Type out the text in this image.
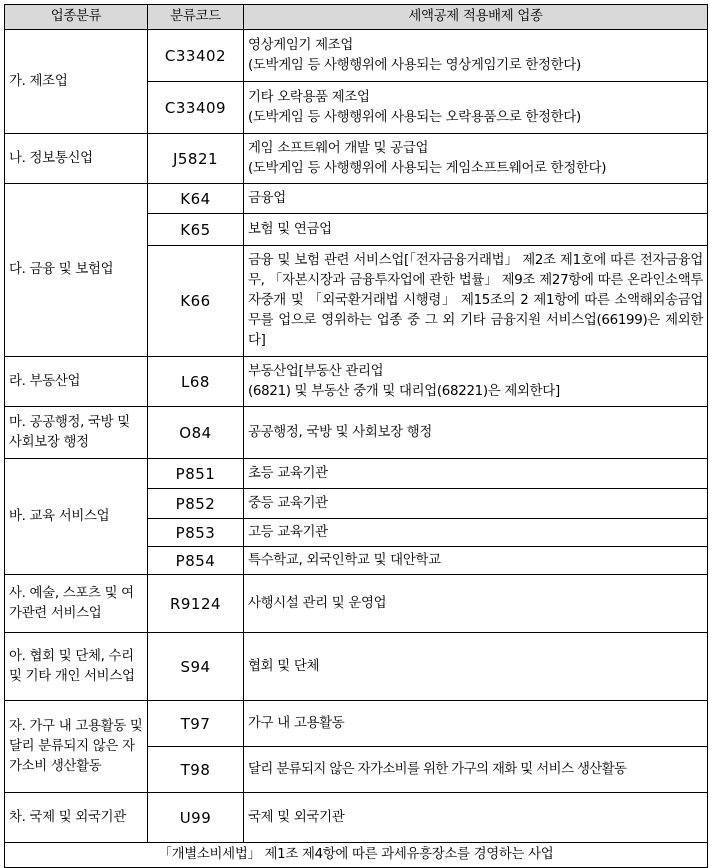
업종분류	분류코드	세액공제 적용배제 업종
가. 제조업	C33402	영상게임기 제조업
(도박게임 등 사행행위에 사용되는 영상게임기로 한정한다)

	C33409	기타 오락용품 제조업
(도박게임 등 사행행위에 사용되는 오락용품으로 한정한다)

나. 정보통신업	J5821	게임 소프트웨어 개발 및 공급업
(도박게임 등 사행행위에 사용되는 게임소프트웨어로 한정한다)

다. 금융 및 보험업	K64	금융업
	K65	보험 및 연금업
	K66	금융 및 보험 관련 서비스업[「전자금융거래법」 제2조 제1호에 따른 전자금융업무, 「자본시장과 금융투자업에 관한 법률」 제9조 제27항에 따른 온라인소액투자중개 및 「외국환거래법 시행령」 제15조의 2 제1항에 따른 소액해외송금업무를 업으로 영위하는 업종 중 그 외 기타 금융지원 서비스업(66199)은 제외한다]
라. 부동산업	L68	부동산업[부동산 관리업
(6821) 및 부동산 중개 및 대리업(68221)은 제외한다]

마. 공공행정, 국방 및 사회보장 행정	O84	공공행정, 국방 및 사회보장 행정
바. 교육 서비스업	P851	초등 교육기관
	P852	중등 교육기관
	P853	고등 교육기관
	P854	특수학교, 외국인학교 및 대안학교
사. 예술, 스포츠 및 여가관련 서비스업	R9124	사행시설 관리 및 운영업
아. 협회 및 단체, 수리 및 기타 개인 서비스업	S94	협회 및 단체
자. 가구 내 고용활동 및 달리 분류되지 않은 자가소비 생산활동	T97	가구 내 고용활동
	T98	달리 분류되지 않은 자가소비를 위한 가구의 재화 및 서비스 생산활동
차. 국제 및 외국기관	U99	국제 및 외국기관
「개별소비세법」 제1조 제4항에 따른 과세유흥장소를 경영하는 사업		
